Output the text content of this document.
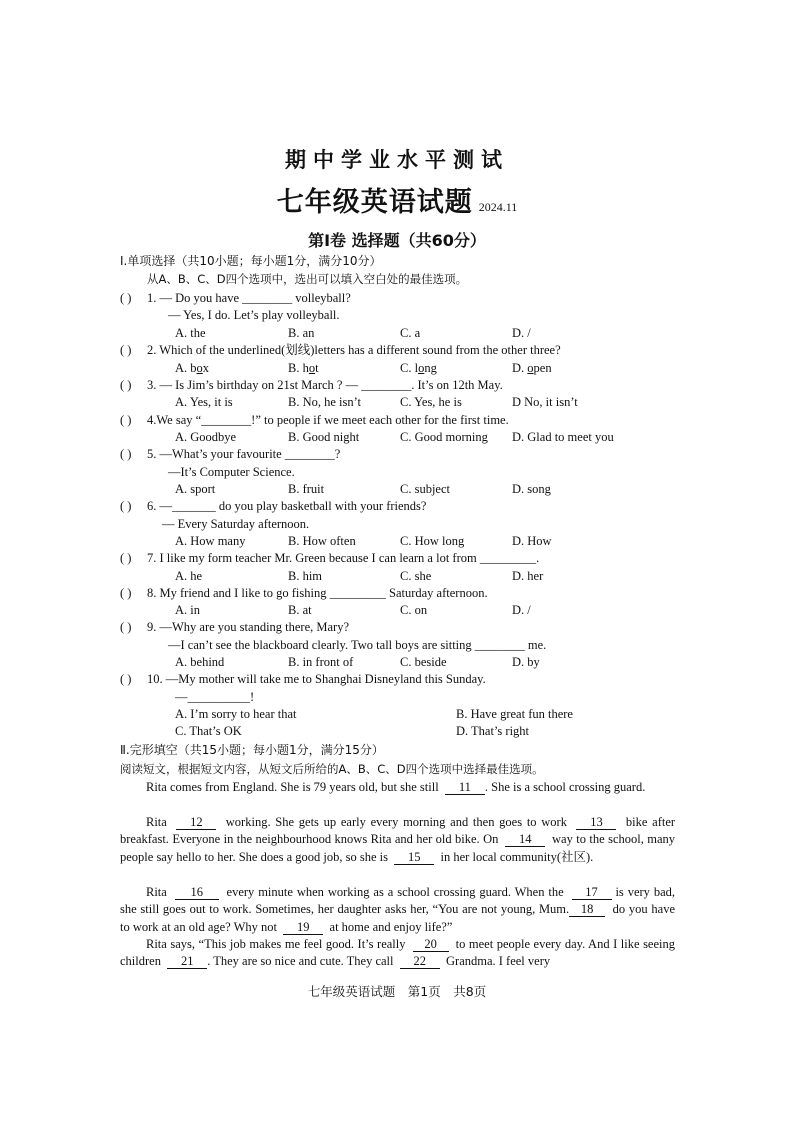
期中学业水平测试
七年级英语试题 2024.11
第Ⅰ卷 选择题（共60分）
Ⅰ.单项选择（共10小题；每小题1分，满分10分）
从A、B、C、D四个选项中，选出可以填入空白处的最佳选项。
( ) 1. — Do you have ________ volleyball?
— Yes, I do. Let’s play volleyball.
A. the	B. an	C. a	D. /
( ) 2. Which of the underlined(划线)letters has a different sound from the other three?
A. box	B. hot	C. long	D. open
( ) 3. — Is Jim’s birthday on 21st March ? — ________. It’s on 12th May.
A. Yes, it is	B. No, he isn’t	C. Yes, he is	D No, it isn’t
( ) 4.We say “________!” to people if we meet each other for the first time.
A. Goodbye	B. Good night	C. Good morning D. Glad to meet you
( ) 5. —What’s your favourite ________?
—It’s Computer Science.
A. sport	B. fruit	C. subject	D. song
( ) 6. —_______ do you play basketball with your friends?
— Every Saturday afternoon.
A. How many	B. How often	C. How long	D. How
( ) 7. I like my form teacher Mr. Green because I can learn a lot from _________.
A. he	B. him	C. she	D. her
( ) 8. My friend and I like to go fishing _________ Saturday afternoon.
A. in	B. at	C. on	D. /
( ) 9. —Why are you standing there, Mary?
—I can’t see the blackboard clearly. Two tall boys are sitting ________ me.
A. behind	B. in front of	C. beside	D. by
( ) 10. —My mother will take me to Shanghai Disneyland this Sunday.
—__________!
A. I’m sorry to hear that	B. Have great fun there
C. That’s OK	D. That’s right
Ⅱ.完形填空（共15小题；每小题1分，满分15分）
阅读短文，根据短文内容，从短文后所给的A、B、C、D四个选项中选择最佳选项。
Rita comes from England. She is 79 years old, but she still 11 . She is a school crossing guard.
Rita 12 working. She gets up early every morning and then goes to work 13 bike after breakfast. Everyone in the neighbourhood knows Rita and her old bike. On 14 way to the school, many people say hello to her. She does a good job, so she is 15 in her local community(社区).
Rita 16 every minute when working as a school crossing guard. When the 17 is very bad, she still goes out to work. Sometimes, her daughter asks her, “You are not young, Mum. 18 do you have to work at an old age? Why not 19 at home and enjoy life?”
Rita says, “This job makes me feel good. It’s really 20 to meet people every day. And I like seeing children 21 . They are so nice and cute. They call 22 Grandma. I feel very
七年级英语试题　第1页　共8页
